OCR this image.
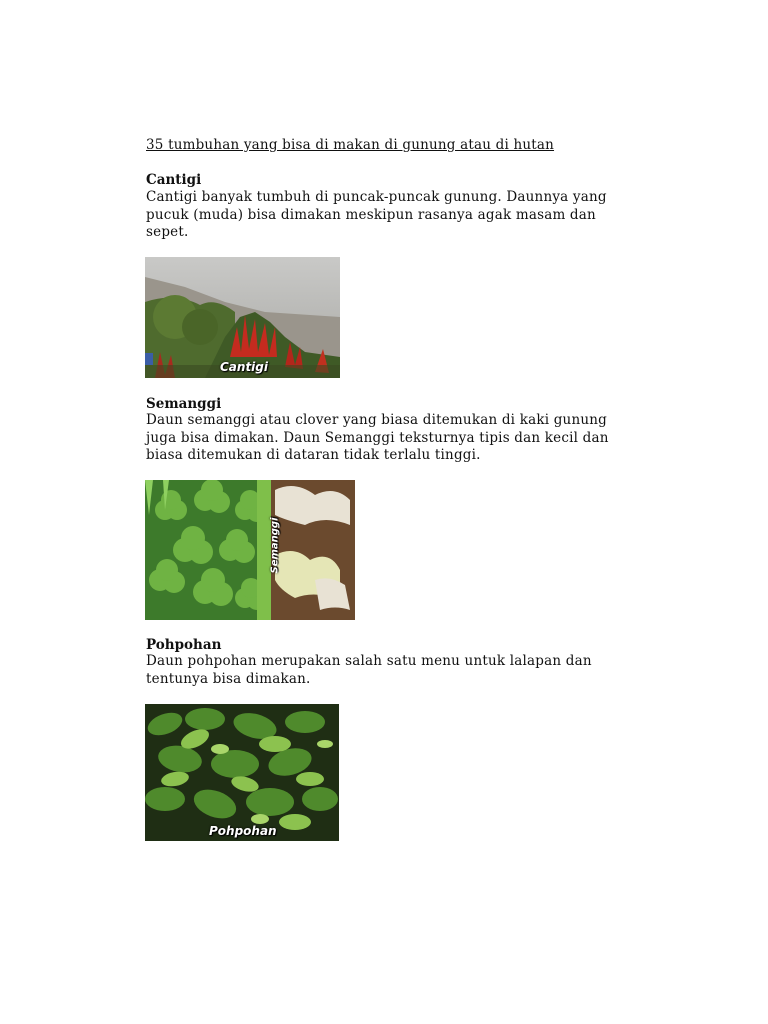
35 tumbuhan yang bisa di makan di gunung atau di hutan
Cantigi

Cantigi banyak tumbuh di puncak-puncak gunung. Daunnya yang
pucuk (muda) bisa dimakan meskipun rasanya agak masam dan
sepet.

Cantigi
Semanggi

Daun semanggi atau clover yang biasa ditemukan di kaki gunung
juga bisa dimakan. Daun Semanggi teksturnya tipis dan kecil dan
biasa ditemukan di dataran tidak terlalu tinggi.

Semanggi
Pohpohan

Daun pohpohan merupakan salah satu menu untuk lalapan dan
tentunya bisa dimakan.

Pohpohan
